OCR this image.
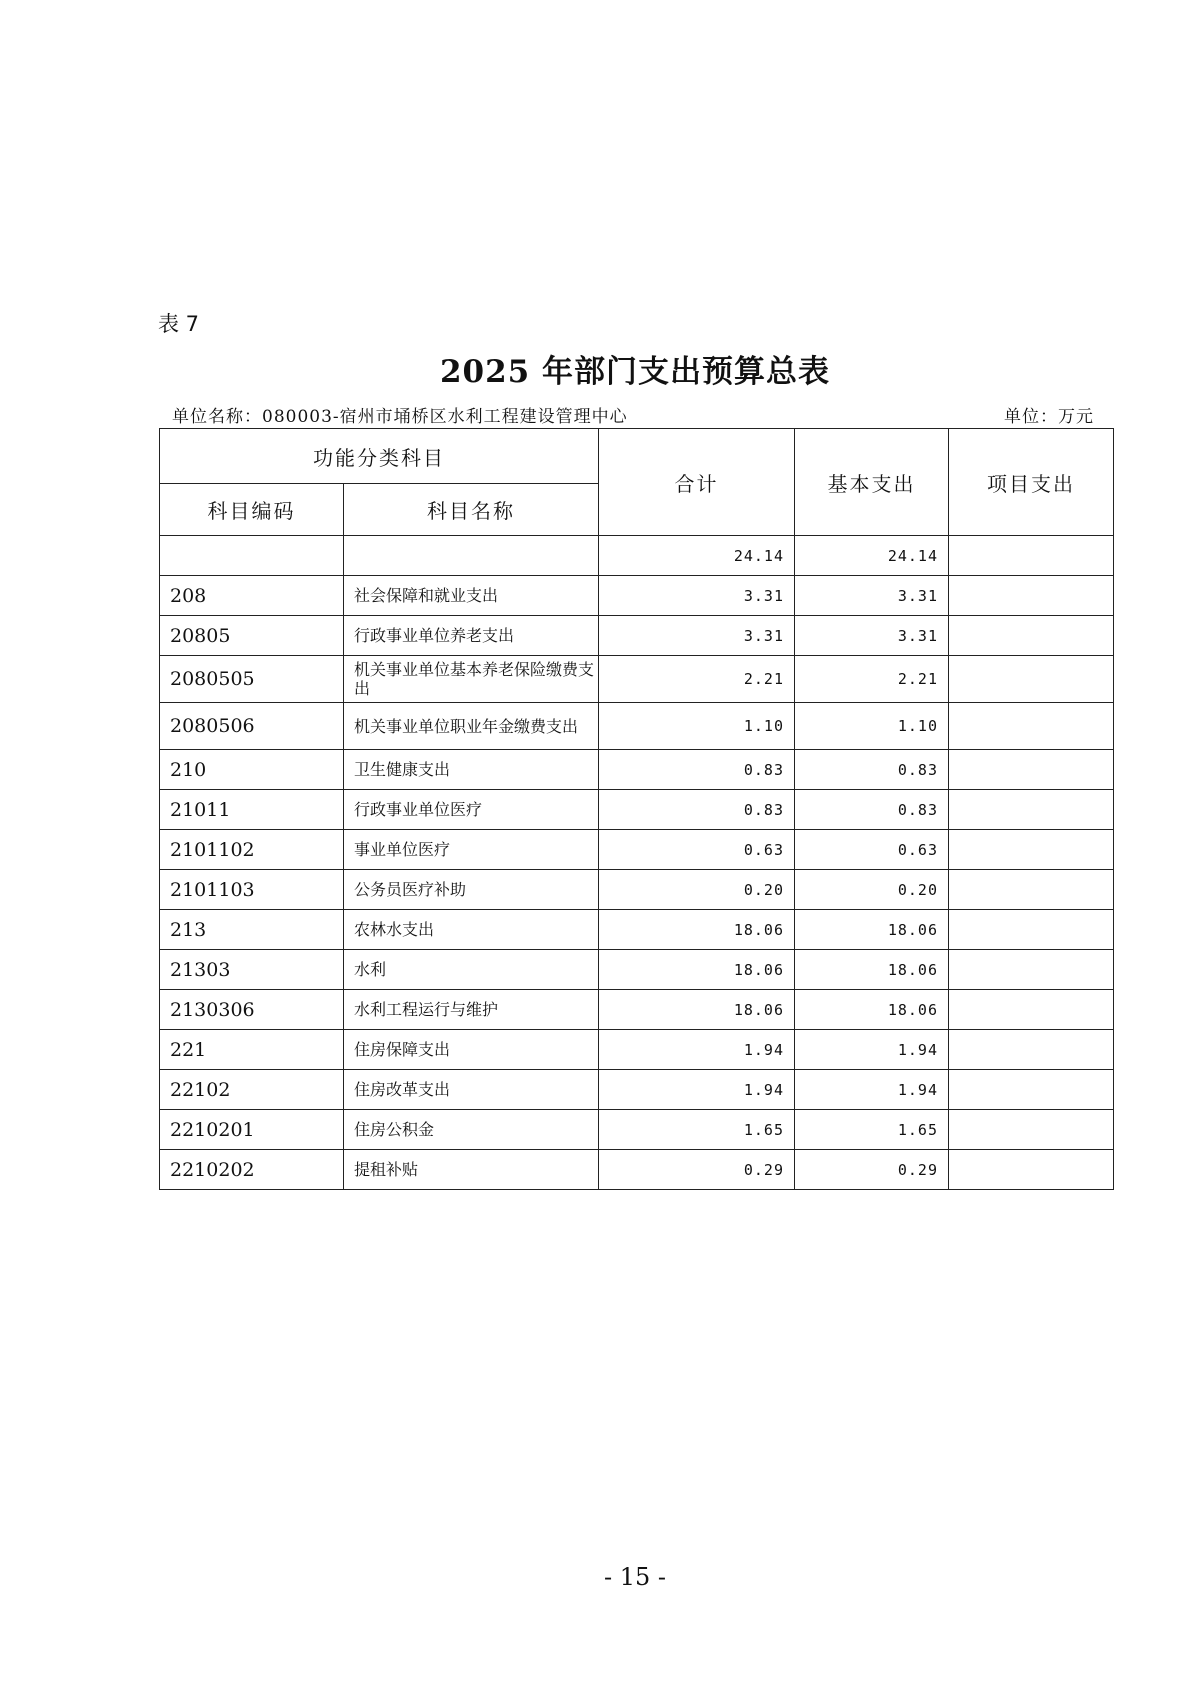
表 7
2025 年部门支出预算总表
单位名称：080003-宿州市埇桥区水利工程建设管理中心	单位：万元
功能分类科目		合计	基本支出	项目支出
科目编码	科目名称			
		24.14	24.14	
208	社会保障和就业支出	3.31	3.31	
20805	行政事业单位养老支出	3.31	3.31	
2080505	机关事业单位基本养老保险缴费支出	2.21	2.21	
2080506	机关事业单位职业年金缴费支出	1.10	1.10	
210	卫生健康支出	0.83	0.83	
21011	行政事业单位医疗	0.83	0.83	
2101102	事业单位医疗	0.63	0.63	
2101103	公务员医疗补助	0.20	0.20	
213	农林水支出	18.06	18.06	
21303	水利	18.06	18.06	
2130306	水利工程运行与维护	18.06	18.06	
221	住房保障支出	1.94	1.94	
22102	住房改革支出	1.94	1.94	
2210201	住房公积金	1.65	1.65	
2210202	提租补贴	0.29	0.29	
- 15 -
